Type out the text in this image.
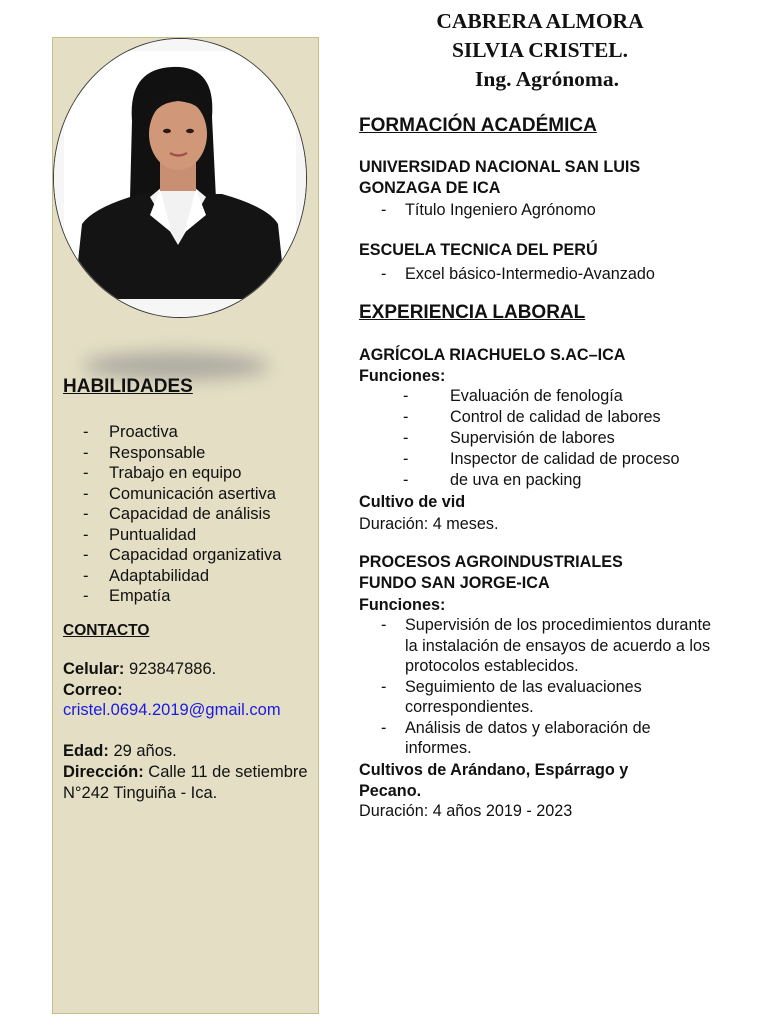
HABILIDADES
- Proactiva
- Responsable
- Trabajo en equipo
- Comunicación asertiva
- Capacidad de análisis
- Puntualidad
- Capacidad organizativa
- Adaptabilidad
- Empatía
CONTACTO

Celular: 923847886.

Correo:

cristel.0694.2019@gmail.com

Edad: 29 años.

Dirección: Calle 11 de setiembre N°242 Tinguiña - Ica.

CABRERA ALMORA
SILVIA CRISTEL.
Ing. Agrónoma.
FORMACIÓN ACADÉMICA
UNIVERSIDAD NACIONAL SAN LUIS
GONZAGA DE ICA
- Título Ingeniero Agrónomo
ESCUELA TECNICA DEL PERÚ
- Excel básico-Intermedio-Avanzado
EXPERIENCIA LABORAL
AGRÍCOLA RIACHUELO S.AC–ICA
Funciones:
-	Evaluación de fenología
-	Control de calidad de labores
-	Supervisión de labores
-	Inspector de calidad de proceso
-	de uva en packing
Cultivo de vid
Duración: 4 meses.
PROCESOS AGROINDUSTRIALES
FUNDO SAN JORGE-ICA
Funciones:
- Supervisión de los procedimientos durante la instalación de ensayos de acuerdo a los protocolos establecidos.
- Seguimiento de las evaluaciones correspondientes.
- Análisis de datos y elaboración de informes.
Cultivos de Arándano, Espárrago y Pecano.
Duración: 4 años 2019 - 2023
